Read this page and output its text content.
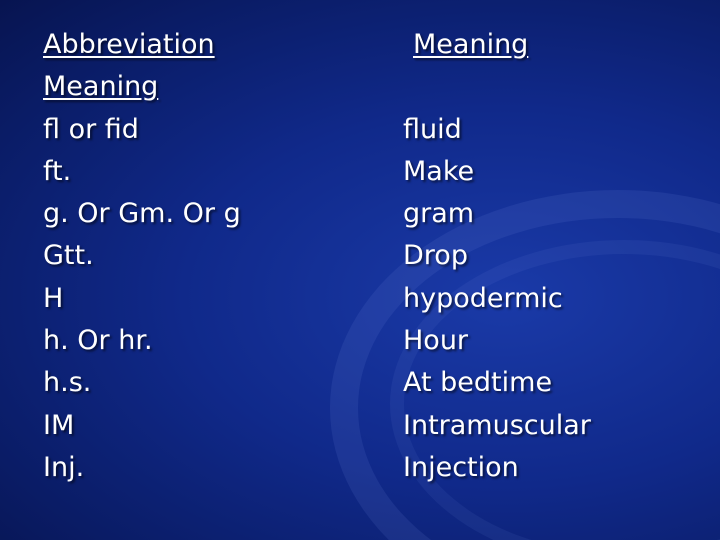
Abbreviation
Meaning
fl or fid
ft.
g. Or Gm. Or g
Gtt.
H
h. Or hr.
h.s.
IM
Inj.
Meaning
fluid
Make
gram
Drop
hypodermic
Hour
At bedtime
Intramuscular
Injection
